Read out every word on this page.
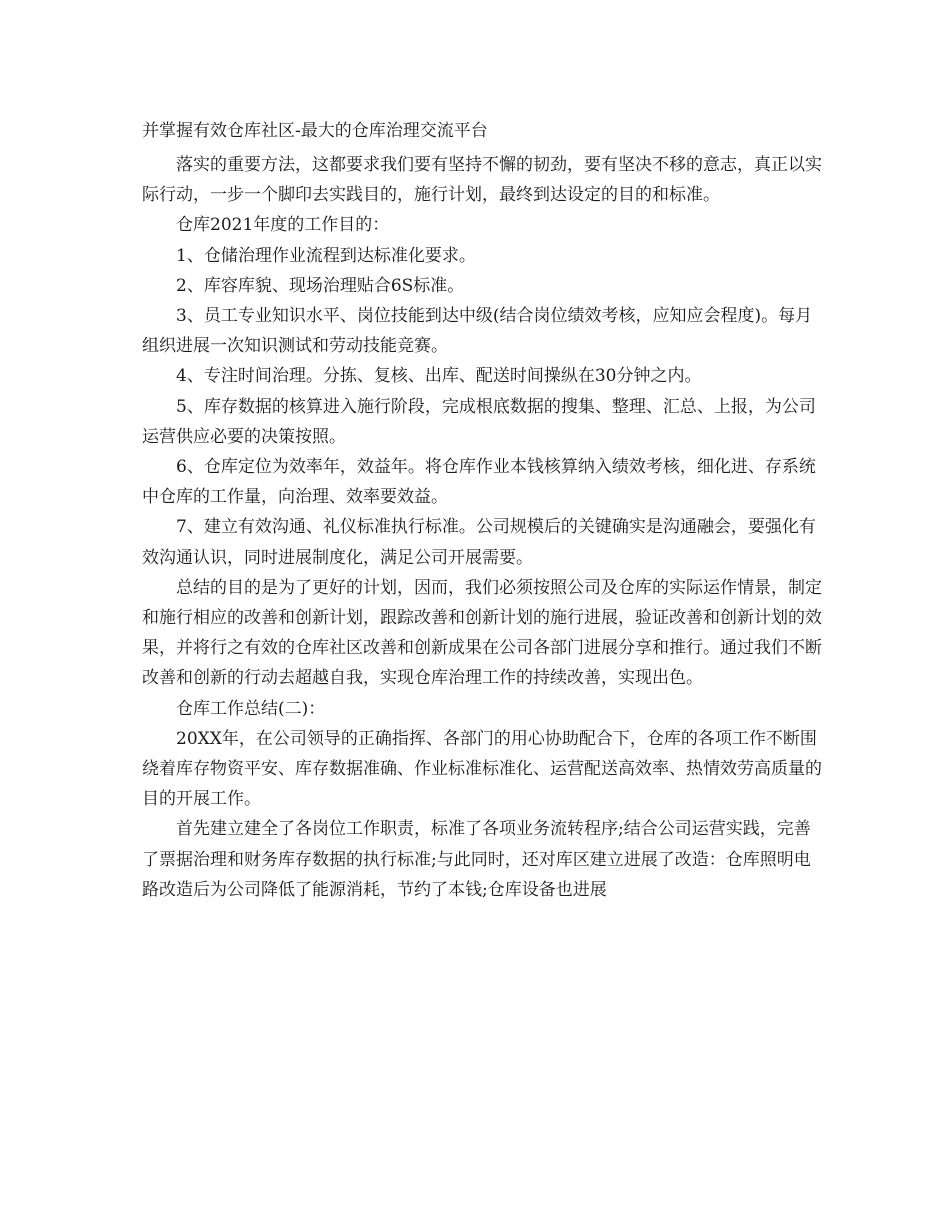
并掌握有效仓库社区-最大的仓库治理交流平台

落实的重要方法，这都要求我们要有坚持不懈的韧劲，要有坚决不移的意志，真正以实际行动，一步一个脚印去实践目的，施行计划，最终到达设定的目的和标准。

仓库2021年度的工作目的：

1、仓储治理作业流程到达标准化要求。

2、库容库貌、现场治理贴合6S标准。

3、员工专业知识水平、岗位技能到达中级(结合岗位绩效考核，应知应会程度)。每月组织进展一次知识测试和劳动技能竞赛。

4、专注时间治理。分拣、复核、出库、配送时间操纵在30分钟之内。

5、库存数据的核算进入施行阶段，完成根底数据的搜集、整理、汇总、上报，为公司运营供应必要的决策按照。

6、仓库定位为效率年，效益年。将仓库作业本钱核算纳入绩效考核，细化进、存系统中仓库的工作量，向治理、效率要效益。

7、建立有效沟通、礼仪标准执行标准。公司规模后的关键确实是沟通融会，要强化有效沟通认识，同时进展制度化，满足公司开展需要。

总结的目的是为了更好的计划，因而，我们必须按照公司及仓库的实际运作情景，制定和施行相应的改善和创新计划，跟踪改善和创新计划的施行进展，验证改善和创新计划的效果，并将行之有效的仓库社区改善和创新成果在公司各部门进展分享和推行。通过我们不断改善和创新的行动去超越自我，实现仓库治理工作的持续改善，实现出色。

仓库工作总结(二)：

20XX年，在公司领导的正确指挥、各部门的用心协助配合下，仓库的各项工作不断围绕着库存物资平安、库存数据准确、作业标准标准化、运营配送高效率、热情效劳高质量的目的开展工作。

首先建立建全了各岗位工作职责，标准了各项业务流转程序;结合公司运营实践，完善了票据治理和财务库存数据的执行标准;与此同时，还对库区建立进展了改造：仓库照明电路改造后为公司降低了能源消耗，节约了本钱;仓库设备也进展
